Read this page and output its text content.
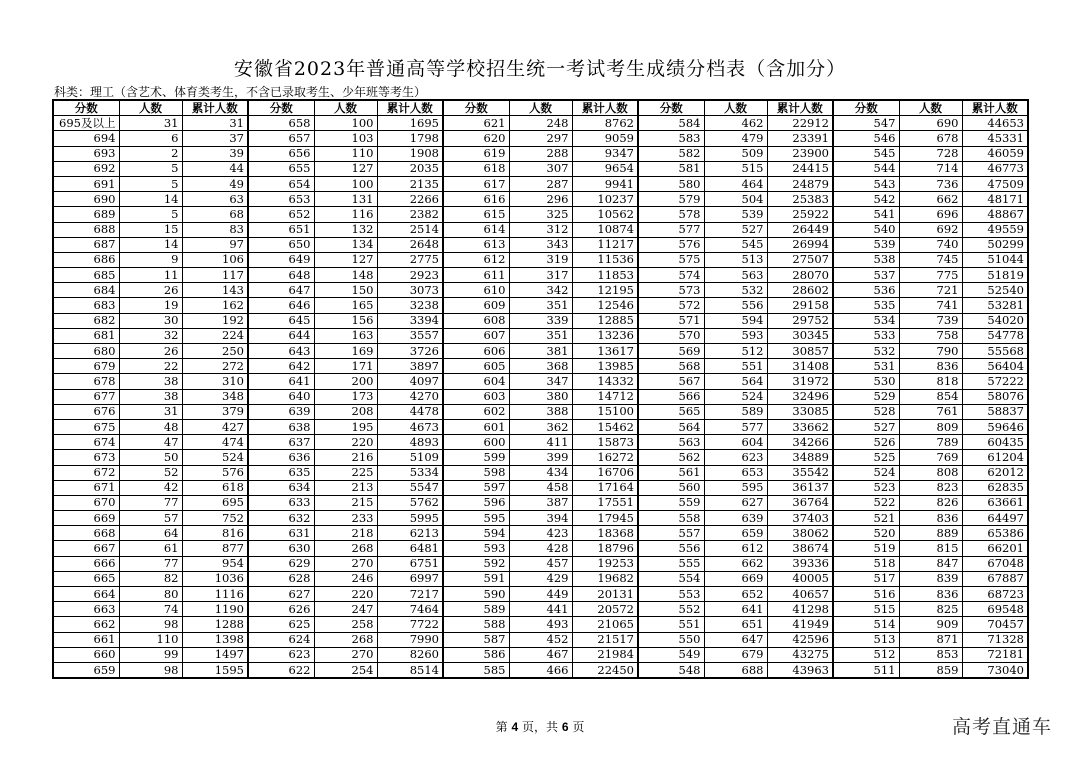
安徽省2023年普通高等学校招生统一考试考生成绩分档表（含加分）
科类：理工（含艺术、体育类考生，不含已录取考生、少年班等考生）
分数	人数	累计人数	分数	人数	累计人数	分数	人数	累计人数	分数	人数	累计人数	分数	人数	累计人数
695及以上	31	31	658	100	1695	621	248	8762	584	462	22912	547	690	44653
694	6	37	657	103	1798	620	297	9059	583	479	23391	546	678	45331
693	2	39	656	110	1908	619	288	9347	582	509	23900	545	728	46059
692	5	44	655	127	2035	618	307	9654	581	515	24415	544	714	46773
691	5	49	654	100	2135	617	287	9941	580	464	24879	543	736	47509
690	14	63	653	131	2266	616	296	10237	579	504	25383	542	662	48171
689	5	68	652	116	2382	615	325	10562	578	539	25922	541	696	48867
688	15	83	651	132	2514	614	312	10874	577	527	26449	540	692	49559
687	14	97	650	134	2648	613	343	11217	576	545	26994	539	740	50299
686	9	106	649	127	2775	612	319	11536	575	513	27507	538	745	51044
685	11	117	648	148	2923	611	317	11853	574	563	28070	537	775	51819
684	26	143	647	150	3073	610	342	12195	573	532	28602	536	721	52540
683	19	162	646	165	3238	609	351	12546	572	556	29158	535	741	53281
682	30	192	645	156	3394	608	339	12885	571	594	29752	534	739	54020
681	32	224	644	163	3557	607	351	13236	570	593	30345	533	758	54778
680	26	250	643	169	3726	606	381	13617	569	512	30857	532	790	55568
679	22	272	642	171	3897	605	368	13985	568	551	31408	531	836	56404
678	38	310	641	200	4097	604	347	14332	567	564	31972	530	818	57222
677	38	348	640	173	4270	603	380	14712	566	524	32496	529	854	58076
676	31	379	639	208	4478	602	388	15100	565	589	33085	528	761	58837
675	48	427	638	195	4673	601	362	15462	564	577	33662	527	809	59646
674	47	474	637	220	4893	600	411	15873	563	604	34266	526	789	60435
673	50	524	636	216	5109	599	399	16272	562	623	34889	525	769	61204
672	52	576	635	225	5334	598	434	16706	561	653	35542	524	808	62012
671	42	618	634	213	5547	597	458	17164	560	595	36137	523	823	62835
670	77	695	633	215	5762	596	387	17551	559	627	36764	522	826	63661
669	57	752	632	233	5995	595	394	17945	558	639	37403	521	836	64497
668	64	816	631	218	6213	594	423	18368	557	659	38062	520	889	65386
667	61	877	630	268	6481	593	428	18796	556	612	38674	519	815	66201
666	77	954	629	270	6751	592	457	19253	555	662	39336	518	847	67048
665	82	1036	628	246	6997	591	429	19682	554	669	40005	517	839	67887
664	80	1116	627	220	7217	590	449	20131	553	652	40657	516	836	68723
663	74	1190	626	247	7464	589	441	20572	552	641	41298	515	825	69548
662	98	1288	625	258	7722	588	493	21065	551	651	41949	514	909	70457
661	110	1398	624	268	7990	587	452	21517	550	647	42596	513	871	71328
660	99	1497	623	270	8260	586	467	21984	549	679	43275	512	853	72181
659	98	1595	622	254	8514	585	466	22450	548	688	43963	511	859	73040
第 4 页，共 6 页	高考直通车
